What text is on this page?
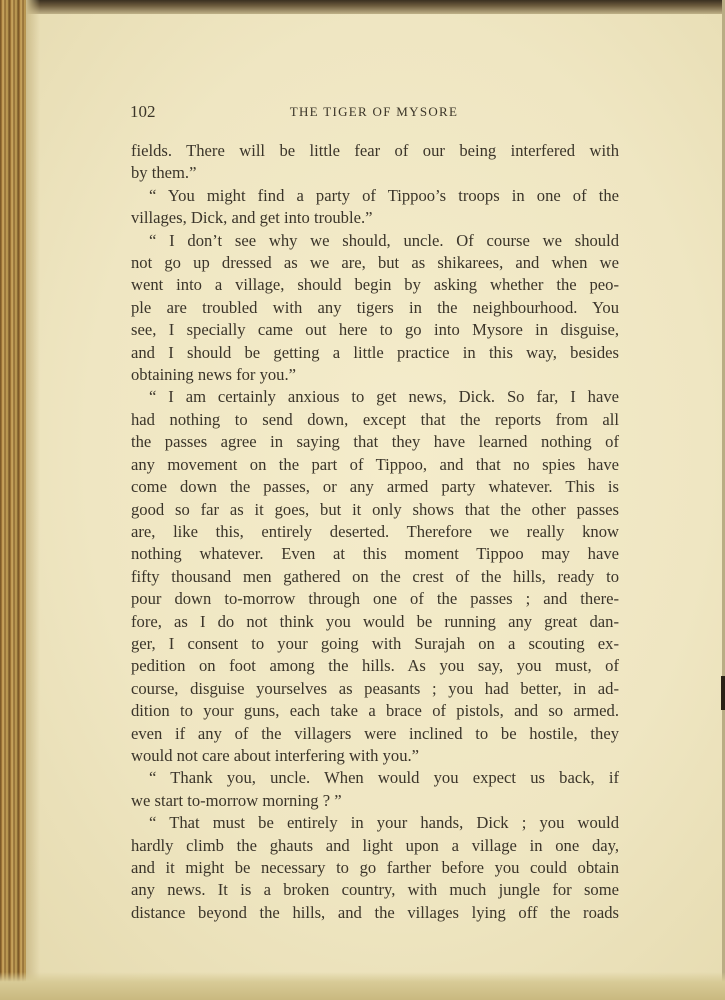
102	THE TIGER OF MYSORE
fields. There will be little fear of our being interfered with
by them.”
“ You might find a party of Tippoo’s troops in one of the
villages, Dick, and get into trouble.”
“ I don’t see why we should, uncle. Of course we should
not go up dressed as we are, but as shikarees, and when we
went into a village, should begin by asking whether the peo-
ple are troubled with any tigers in the neighbourhood. You
see, I specially came out here to go into Mysore in disguise,
and I should be getting a little practice in this way, besides
obtaining news for you.”
“ I am certainly anxious to get news, Dick. So far, I have
had nothing to send down, except that the reports from all
the passes agree in saying that they have learned nothing of
any movement on the part of Tippoo, and that no spies have
come down the passes, or any armed party whatever. This is
good so far as it goes, but it only shows that the other passes
are, like this, entirely deserted. Therefore we really know
nothing whatever. Even at this moment Tippoo may have
fifty thousand men gathered on the crest of the hills, ready to
pour down to-morrow through one of the passes ; and there-
fore, as I do not think you would be running any great dan-
ger, I consent to your going with Surajah on a scouting ex-
pedition on foot among the hills. As you say, you must, of
course, disguise yourselves as peasants ; you had better, in ad-
dition to your guns, each take a brace of pistols, and so armed.
even if any of the villagers were inclined to be hostile, they
would not care about interfering with you.”
“ Thank you, uncle. When would you expect us back, if
we start to-morrow morning ? ”
“ That must be entirely in your hands, Dick ; you would
hardly climb the ghauts and light upon a village in one day,
and it might be necessary to go farther before you could obtain
any news. It is a broken country, with much jungle for some
distance beyond the hills, and the villages lying off the roads
